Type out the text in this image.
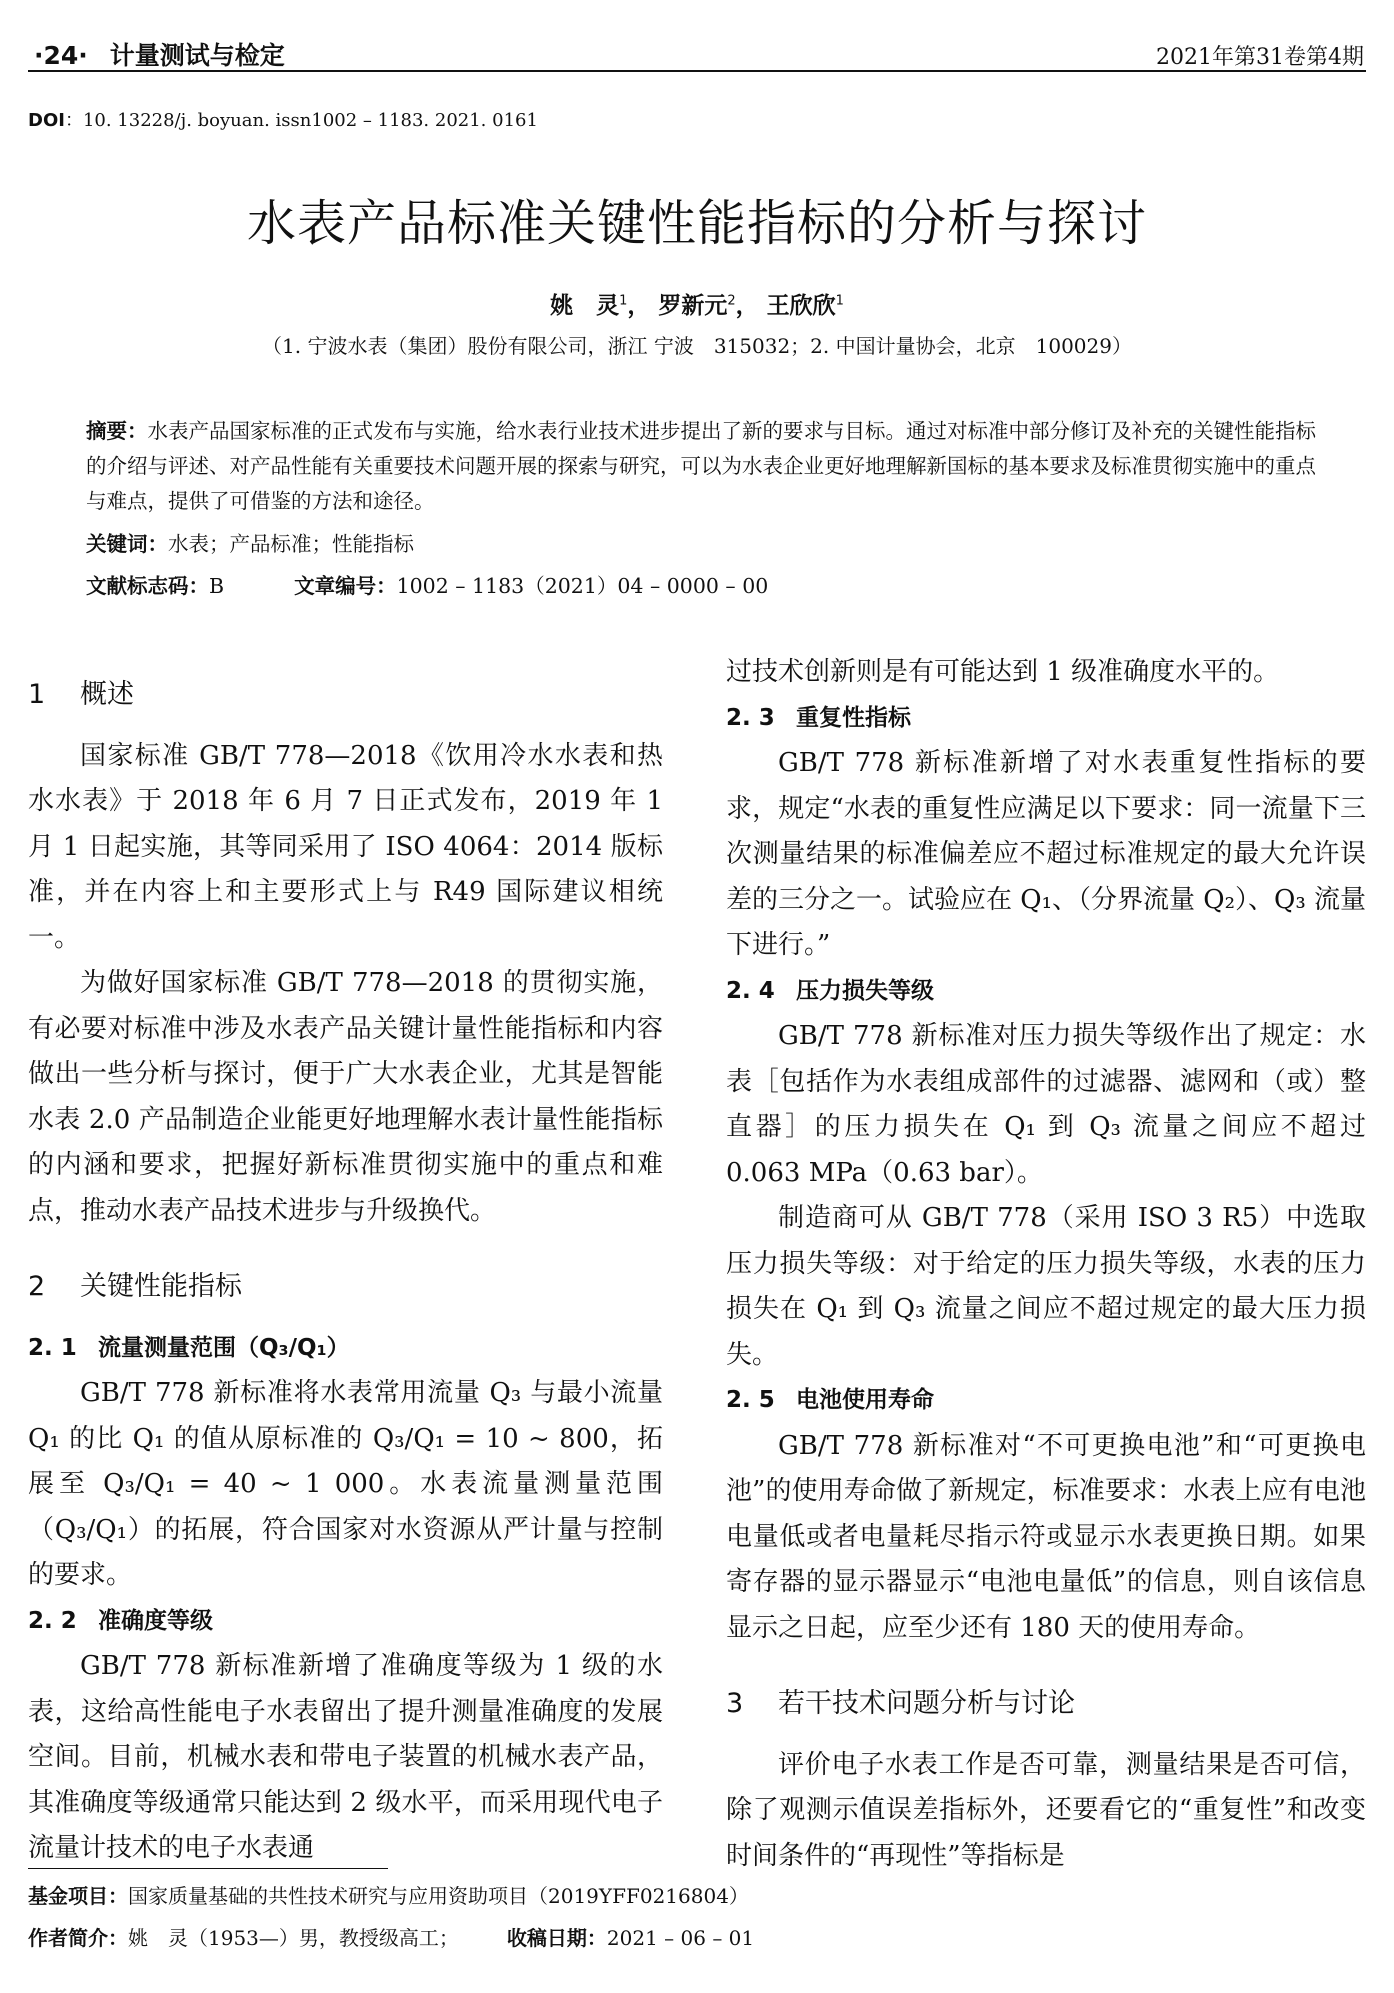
·24· 计量测试与检定	2021年第31卷第4期
DOI：10. 13228/j. boyuan. issn1002 – 1183. 2021. 0161
水表产品标准关键性能指标的分析与探讨
姚　灵$^1$， 罗新元$^2$， 王欣欣$^1$
（1. 宁波水表（集团）股份有限公司，浙江 宁波　315032；2. 中国计量协会，北京　100029）
摘要：水表产品国家标准的正式发布与实施，给水表行业技术进步提出了新的要求与目标。通过对标准中部分修订及补充的关键性能指标的介绍与评述、对产品性能有关重要技术问题开展的探索与研究，可以为水表企业更好地理解新国标的基本要求及标准贯彻实施中的重点与难点，提供了可借鉴的方法和途径。
关键词：水表；产品标准；性能指标
文献标志码：B	文章编号：1002 – 1183（2021）04 – 0000 – 00
1 概述

国家标准 GB/T 778—2018《饮用冷水水表和热水水表》于 2018 年 6 月 7 日正式发布，2019 年 1 月 1 日起实施，其等同采用了 ISO 4064：2014 版标准，并在内容上和主要形式上与 R49 国际建议相统一。

为做好国家标准 GB/T 778—2018 的贯彻实施，有必要对标准中涉及水表产品关键计量性能指标和内容做出一些分析与探讨，便于广大水表企业，尤其是智能水表 2.0 产品制造企业能更好地理解水表计量性能指标的内涵和要求，把握好新标准贯彻实施中的重点和难点，推动水表产品技术进步与升级换代。

2 关键性能指标
2. 1 流量测量范围（Q₃/Q₁）

GB/T 778 新标准将水表常用流量 Q₃ 与最小流量 Q₁ 的比 Q₁ 的值从原标准的 Q₃/Q₁ = 10 ~ 800，拓展至 Q₃/Q₁ = 40 ~ 1 000。水表流量测量范围（Q₃/Q₁）的拓展，符合国家对水资源从严计量与控制的要求。

2. 2 准确度等级

GB/T 778 新标准新增了准确度等级为 1 级的水表，这给高性能电子水表留出了提升测量准确度的发展空间。目前，机械水表和带电子装置的机械水表产品，其准确度等级通常只能达到 2 级水平，而采用现代电子流量计技术的电子水表通

过技术创新则是有可能达到 1 级准确度水平的。

2. 3 重复性指标

GB/T 778 新标准新增了对水表重复性指标的要求，规定“水表的重复性应满足以下要求：同一流量下三次测量结果的标准偏差应不超过标准规定的最大允许误差的三分之一。试验应在 Q₁、（分界流量 Q₂）、Q₃ 流量下进行。”

2. 4 压力损失等级

GB/T 778 新标准对压力损失等级作出了规定：水表［包括作为水表组成部件的过滤器、滤网和（或）整直器］的压力损失在 Q₁ 到 Q₃ 流量之间应不超过 0.063 MPa（0.63 bar）。

制造商可从 GB/T 778（采用 ISO 3 R5）中选取压力损失等级：对于给定的压力损失等级，水表的压力损失在 Q₁ 到 Q₃ 流量之间应不超过规定的最大压力损失。

2. 5 电池使用寿命

GB/T 778 新标准对“不可更换电池”和“可更换电池”的使用寿命做了新规定，标准要求：水表上应有电池电量低或者电量耗尽指示符或显示水表更换日期。如果寄存器的显示器显示“电池电量低”的信息，则自该信息显示之日起，应至少还有 180 天的使用寿命。

3 若干技术问题分析与讨论

评价电子水表工作是否可靠，测量结果是否可信，除了观测示值误差指标外，还要看它的“重复性”和改变时间条件的“再现性”等指标是

基金项目：国家质量基础的共性技术研究与应用资助项目（2019YFF0216804）
作者简介：姚　灵（1953—）男，教授级高工； 收稿日期：2021 – 06 – 01
